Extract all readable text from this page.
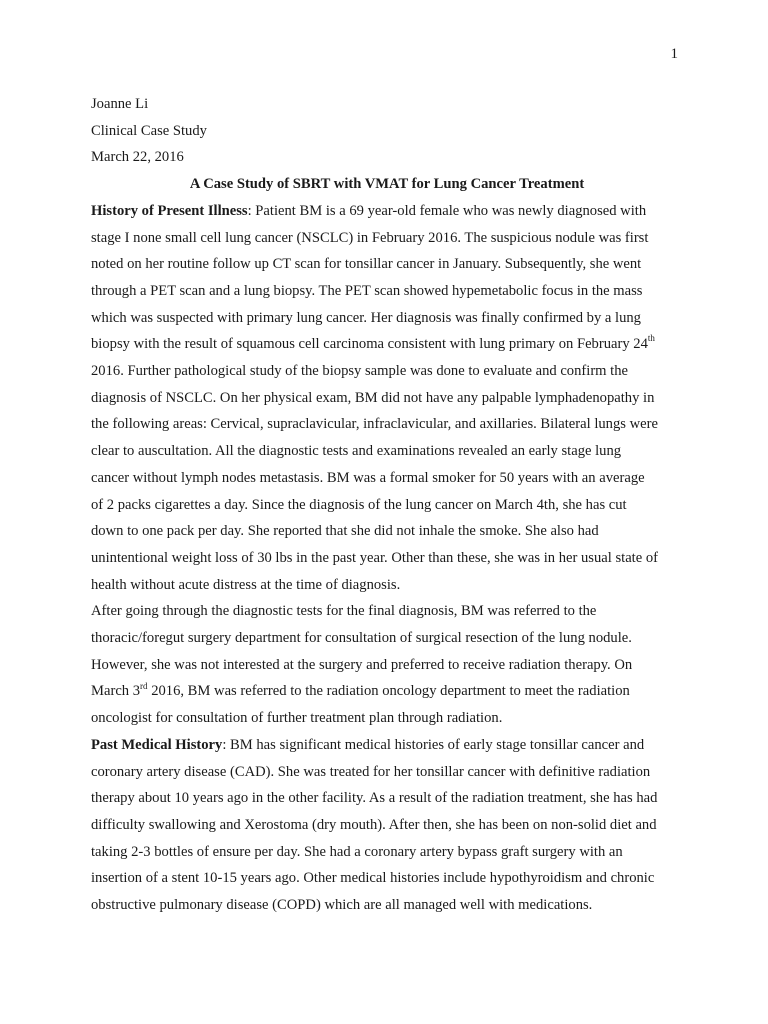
1
Joanne Li
Clinical Case Study
March 22, 2016
A Case Study of SBRT with VMAT for Lung Cancer Treatment
History of Present Illness: Patient BM is a 69 year-old female who was newly diagnosed with
stage I none small cell lung cancer (NSCLC) in February 2016. The suspicious nodule was first
noted on her routine follow up CT scan for tonsillar cancer in January. Subsequently, she went
through a PET scan and a lung biopsy. The PET scan showed hypemetabolic focus in the mass
which was suspected with primary lung cancer. Her diagnosis was finally confirmed by a lung
biopsy with the result of squamous cell carcinoma consistent with lung primary on February 24th
2016. Further pathological study of the biopsy sample was done to evaluate and confirm the
diagnosis of NSCLC. On her physical exam, BM did not have any palpable lymphadenopathy in
the following areas: Cervical, supraclavicular, infraclavicular, and axillaries. Bilateral lungs were
clear to auscultation. All the diagnostic tests and examinations revealed an early stage lung
cancer without lymph nodes metastasis. BM was a formal smoker for 50 years with an average
of 2 packs cigarettes a day. Since the diagnosis of the lung cancer on March 4th, she has cut
down to one pack per day. She reported that she did not inhale the smoke. She also had
unintentional weight loss of 30 lbs in the past year. Other than these, she was in her usual state of
health without acute distress at the time of diagnosis.
After going through the diagnostic tests for the final diagnosis, BM was referred to the
thoracic/foregut surgery department for consultation of surgical resection of the lung nodule.
However, she was not interested at the surgery and preferred to receive radiation therapy. On
March 3rd 2016, BM was referred to the radiation oncology department to meet the radiation
oncologist for consultation of further treatment plan through radiation.
Past Medical History: BM has significant medical histories of early stage tonsillar cancer and
coronary artery disease (CAD). She was treated for her tonsillar cancer with definitive radiation
therapy about 10 years ago in the other facility. As a result of the radiation treatment, she has had
difficulty swallowing and Xerostoma (dry mouth). After then, she has been on non-solid diet and
taking 2-3 bottles of ensure per day. She had a coronary artery bypass graft surgery with an
insertion of a stent 10-15 years ago. Other medical histories include hypothyroidism and chronic
obstructive pulmonary disease (COPD) which are all managed well with medications.
